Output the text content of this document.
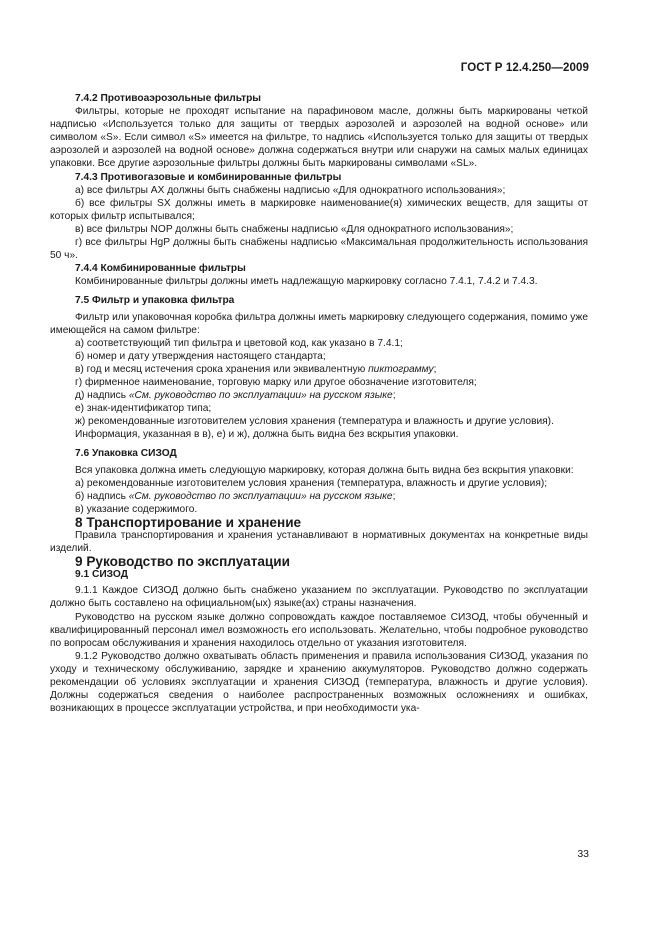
ГОСТ Р 12.4.250—2009

7.4.2 Противоаэрозольные фильтры

Фильтры, которые не проходят испытание на парафиновом масле, должны быть маркированы четкой надписью «Используется только для защиты от твердых аэрозолей и аэрозолей на водной основе» или символом «S». Если символ «S» имеется на фильтре, то надпись «Используется только для защиты от твердых аэрозолей и аэрозолей на водной основе» должна содержаться внутри или снаружи на самых малых единицах упаковки. Все другие аэрозольные фильтры должны быть маркированы символами «SL».

7.4.3 Противогазовые и комбинированные фильтры

а) все фильтры АХ должны быть снабжены надписью «Для однократного использования»;

б) все фильтры SX должны иметь в маркировке наименование(я) химических веществ, для защиты от которых фильтр испытывался;

в) все фильтры NOP должны быть снабжены надписью «Для однократного использования»;

г) все фильтры HgP должны быть снабжены надписью «Максимальная продолжительность использования 50 ч».

7.4.4 Комбинированные фильтры

Комбинированные фильтры должны иметь надлежащую маркировку согласно 7.4.1, 7.4.2 и 7.4.3.

7.5 Фильтр и упаковка фильтра

Фильтр или упаковочная коробка фильтра должны иметь маркировку следующего содержания, помимо уже имеющейся на самом фильтре:

а) соответствующий тип фильтра и цветовой код, как указано в 7.4.1;

б) номер и дату утверждения настоящего стандарта;

в) год и месяц истечения срока хранения или эквивалентную пиктограмму;

г) фирменное наименование, торговую марку или другое обозначение изготовителя;

д) надпись «См. руководство по эксплуатации» на русском языке;

е) знак-идентификатор типа;

ж) рекомендованные изготовителем условия хранения (температура и влажность и другие условия).

Информация, указанная в в), е) и ж), должна быть видна без вскрытия упаковки.

7.6 Упаковка СИЗОД

Вся упаковка должна иметь следующую маркировку, которая должна быть видна без вскрытия упаковки:

а) рекомендованные изготовителем условия хранения (температура, влажность и другие условия);

б) надпись «См. руководство по эксплуатации» на русском языке;

в) указание содержимого.

8 Транспортирование и хранение

Правила транспортирования и хранения устанавливают в нормативных документах на конкретные виды изделий.

9 Руководство по эксплуатации

9.1 СИЗОД

9.1.1 Каждое СИЗОД должно быть снабжено указанием по эксплуатации. Руководство по эксплуатации должно быть составлено на официальном(ых) языке(ах) страны назначения.

Руководство на русском языке должно сопровождать каждое поставляемое СИЗОД, чтобы обученный и квалифицированный персонал имел возможность его использовать. Желательно, чтобы подробное руководство по вопросам обслуживания и хранения находилось отдельно от указания изготовителя.

9.1.2 Руководство должно охватывать область применения и правила использования СИЗОД, указания по уходу и техническому обслуживанию, зарядке и хранению аккумуляторов. Руководство должно содержать рекомендации об условиях эксплуатации и хранения СИЗОД (температура, влажность и другие условия). Должны содержаться сведения о наиболее распространенных возможных осложнениях и ошибках, возникающих в процессе эксплуатации устройства, и при необходимости ука-

33
